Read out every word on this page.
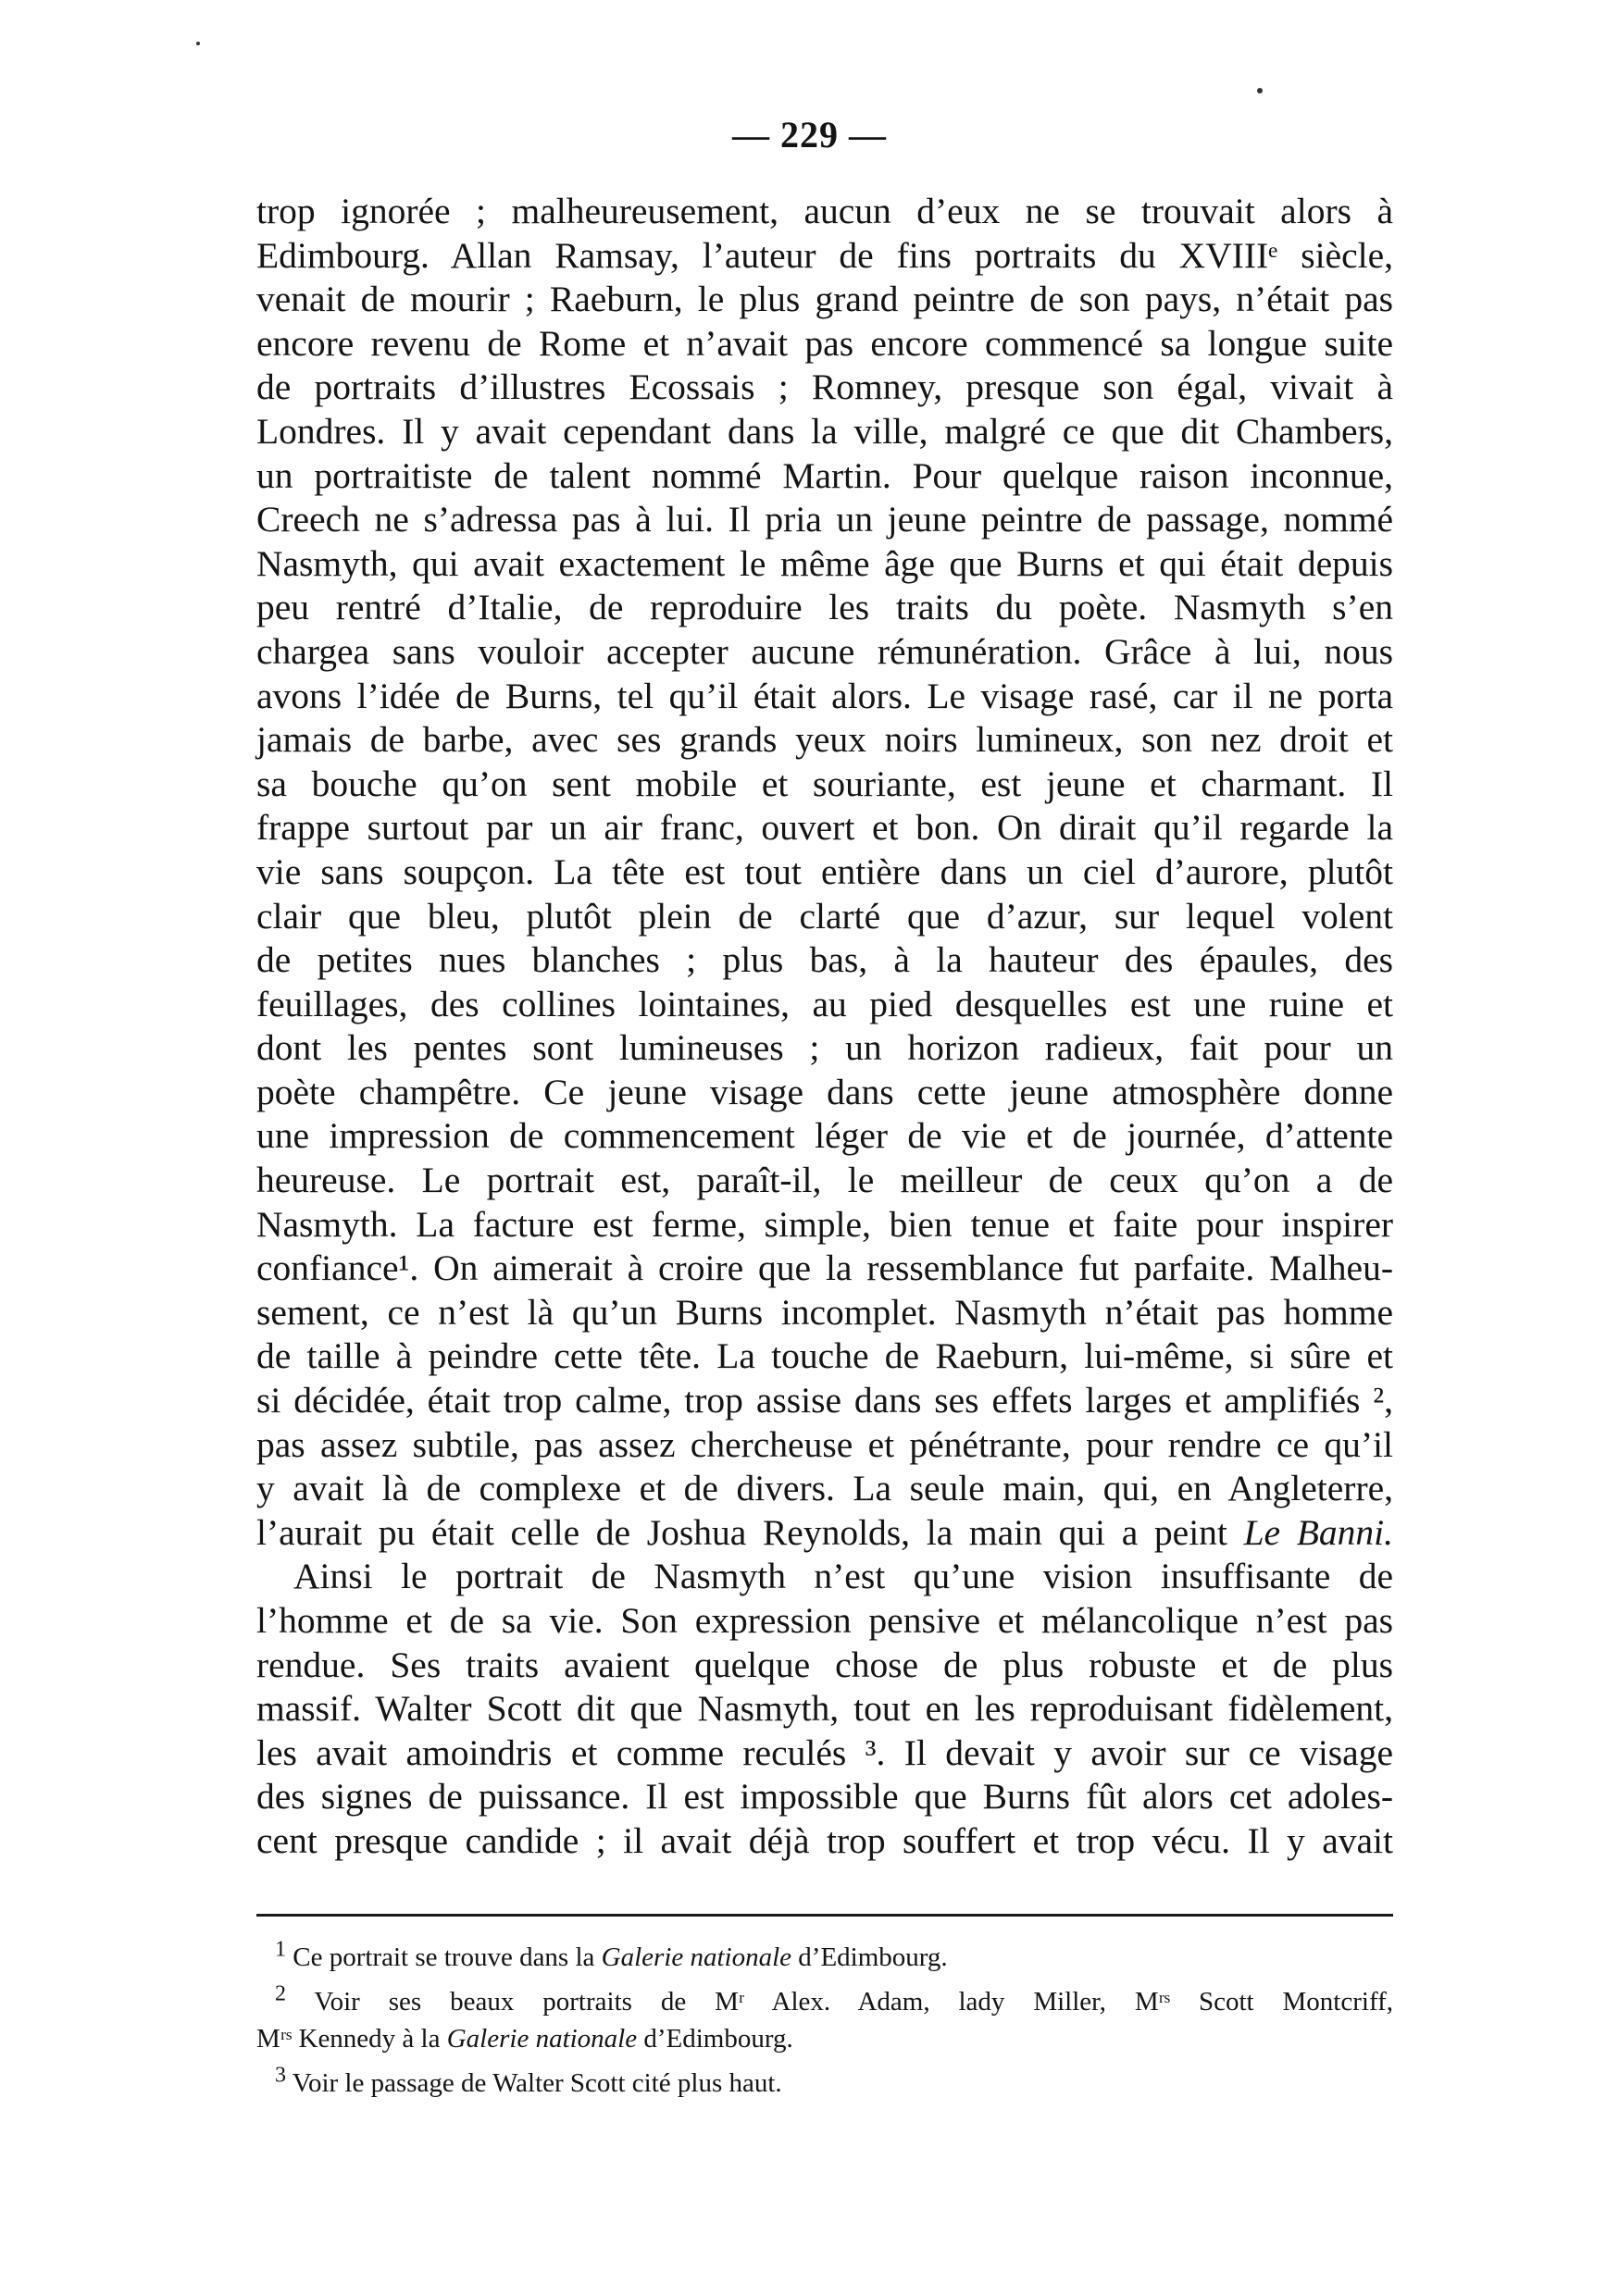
— 229 —
trop ignorée ; malheureusement, aucun d’eux ne se trouvait alors à
Edimbourg. Allan Ramsay, l’auteur de fins portraits du XVIIIᵉ siècle,
venait de mourir ; Raeburn, le plus grand peintre de son pays, n’était pas
encore revenu de Rome et n’avait pas encore commencé sa longue suite
de portraits d’illustres Ecossais ; Romney, presque son égal, vivait à
Londres. Il y avait cependant dans la ville, malgré ce que dit Chambers,
un portraitiste de talent nommé Martin. Pour quelque raison inconnue,
Creech ne s’adressa pas à lui. Il pria un jeune peintre de passage, nommé
Nasmyth, qui avait exactement le même âge que Burns et qui était depuis
peu rentré d’Italie, de reproduire les traits du poète. Nasmyth s’en
chargea sans vouloir accepter aucune rémunération. Grâce à lui, nous
avons l’idée de Burns, tel qu’il était alors. Le visage rasé, car il ne porta
jamais de barbe, avec ses grands yeux noirs lumineux, son nez droit et
sa bouche qu’on sent mobile et souriante, est jeune et charmant. Il
frappe surtout par un air franc, ouvert et bon. On dirait qu’il regarde la
vie sans soupçon. La tête est tout entière dans un ciel d’aurore, plutôt
clair que bleu, plutôt plein de clarté que d’azur, sur lequel volent
de petites nues blanches ; plus bas, à la hauteur des épaules, des
feuillages, des collines lointaines, au pied desquelles est une ruine et
dont les pentes sont lumineuses ; un horizon radieux, fait pour un
poète champêtre. Ce jeune visage dans cette jeune atmosphère donne
une impression de commencement léger de vie et de journée, d’attente
heureuse. Le portrait est, paraît-il, le meilleur de ceux qu’on a de
Nasmyth. La facture est ferme, simple, bien tenue et faite pour inspirer
confiance¹. On aimerait à croire que la ressemblance fut parfaite. Malheu-
sement, ce n’est là qu’un Burns incomplet. Nasmyth n’était pas homme
de taille à peindre cette tête. La touche de Raeburn, lui-même, si sûre et
si décidée, était trop calme, trop assise dans ses effets larges et amplifiés ²,
pas assez subtile, pas assez chercheuse et pénétrante, pour rendre ce qu’il
y avait là de complexe et de divers. La seule main, qui, en Angleterre,
l’aurait pu était celle de Joshua Reynolds, la main qui a peint Le Banni.
Ainsi le portrait de Nasmyth n’est qu’une vision insuffisante de
l’homme et de sa vie. Son expression pensive et mélancolique n’est pas
rendue. Ses traits avaient quelque chose de plus robuste et de plus
massif. Walter Scott dit que Nasmyth, tout en les reproduisant fidèlement,
les avait amoindris et comme reculés ³. Il devait y avoir sur ce visage
des signes de puissance. Il est impossible que Burns fût alors cet adoles-
cent presque candide ; il avait déjà trop souffert et trop vécu. Il y avait
$^1$ Ce portrait se trouve dans la Galerie nationale d’Edimbourg.
$^2$ Voir ses beaux portraits de Mʳ Alex. Adam, lady Miller, Mʳˢ Scott Montcriff,
Mʳˢ Kennedy à la Galerie nationale d’Edimbourg.
$^3$ Voir le passage de Walter Scott cité plus haut.
